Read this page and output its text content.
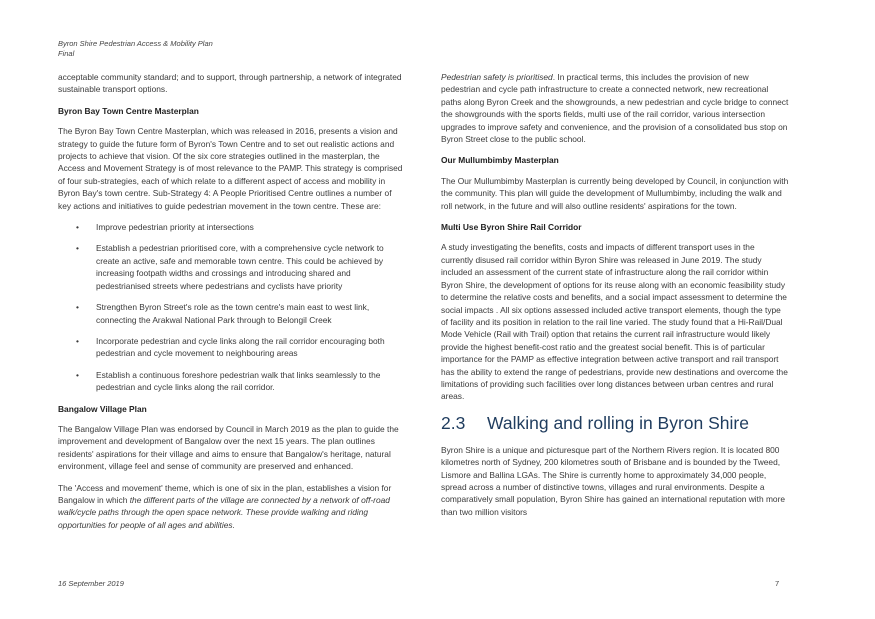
Byron Shire Pedestrian Access & Mobility Plan
Final

acceptable community standard; and to support, through partnership, a network of integrated sustainable transport options.

Byron Bay Town Centre Masterplan

The Byron Bay Town Centre Masterplan, which was released in 2016, presents a vision and strategy to guide the future form of Byron's Town Centre and to set out realistic actions and projects to achieve that vision. Of the six core strategies outlined in the masterplan, the Access and Movement Strategy is of most relevance to the PAMP. This strategy is comprised of four sub-strategies, each of which relate to a different aspect of access and mobility in Byron Bay's town centre. Sub-Strategy 4: A People Prioritised Centre outlines a number of key actions and initiatives to guide pedestrian movement in the town centre. These are:

• Improve pedestrian priority at intersections
• Establish a pedestrian prioritised core, with a comprehensive cycle network to create an active, safe and memorable town centre. This could be achieved by increasing footpath widths and crossings and introducing shared and pedestrianised streets where pedestrians and cyclists have priority
• Strengthen Byron Street's role as the town centre's main east to west link, connecting the Arakwal National Park through to Belongil Creek
• Incorporate pedestrian and cycle links along the rail corridor encouraging both pedestrian and cycle movement to neighbouring areas
• Establish a continuous foreshore pedestrian walk that links seamlessly to the pedestrian and cycle links along the rail corridor.
Bangalow Village Plan

The Bangalow Village Plan was endorsed by Council in March 2019 as the plan to guide the improvement and development of Bangalow over the next 15 years. The plan outlines residents' aspirations for their village and aims to ensure that Bangalow's heritage, natural environment, village feel and sense of community are preserved and enhanced.

The 'Access and movement' theme, which is one of six in the plan, establishes a vision for Bangalow in which the different parts of the village are connected by a network of off-road walk/cycle paths through the open space network. These provide walking and riding opportunities for people of all ages and abilities.

Pedestrian safety is prioritised. In practical terms, this includes the provision of new pedestrian and cycle path infrastructure to create a connected network, new recreational paths along Byron Creek and the showgrounds, a new pedestrian and cycle bridge to connect the showgrounds with the sports fields, multi use of the rail corridor, various intersection upgrades to improve safety and convenience, and the provision of a consolidated bus stop on Byron Street close to the public school.

Our Mullumbimby Masterplan

The Our Mullumbimby Masterplan is currently being developed by Council, in conjunction with the community. This plan will guide the development of Mullumbimby, including the walk and roll network, in the future and will also outline residents' aspirations for the town.

Multi Use Byron Shire Rail Corridor

A study investigating the benefits, costs and impacts of different transport uses in the currently disused rail corridor within Byron Shire was released in June 2019. The study included an assessment of the current state of infrastructure along the rail corridor within Byron Shire, the development of options for its reuse along with an economic feasibility study to determine the relative costs and benefits, and a social impact assessment to determine the social impacts . All six options assessed included active transport elements, though the type of facility and its position in relation to the rail line varied. The study found that a Hi-Rail/Dual Mode Vehicle (Rail with Trail) option that retains the current rail infrastructure would likely provide the highest benefit-cost ratio and the greatest social benefit. This is of particular importance for the PAMP as effective integration between active transport and rail transport has the ability to extend the range of pedestrians, provide new destinations and overcome the limitations of providing such facilities over long distances between urban centres and rural areas.

2.3	Walking and rolling in Byron Shire

Byron Shire is a unique and picturesque part of the Northern Rivers region. It is located 800 kilometres north of Sydney, 200 kilometres south of Brisbane and is bounded by the Tweed, Lismore and Ballina LGAs. The Shire is currently home to approximately 34,000 people, spread across a number of distinctive towns, villages and rural environments. Despite a comparatively small population, Byron Shire has gained an international reputation with more than two million visitors

16 September 2019	7
